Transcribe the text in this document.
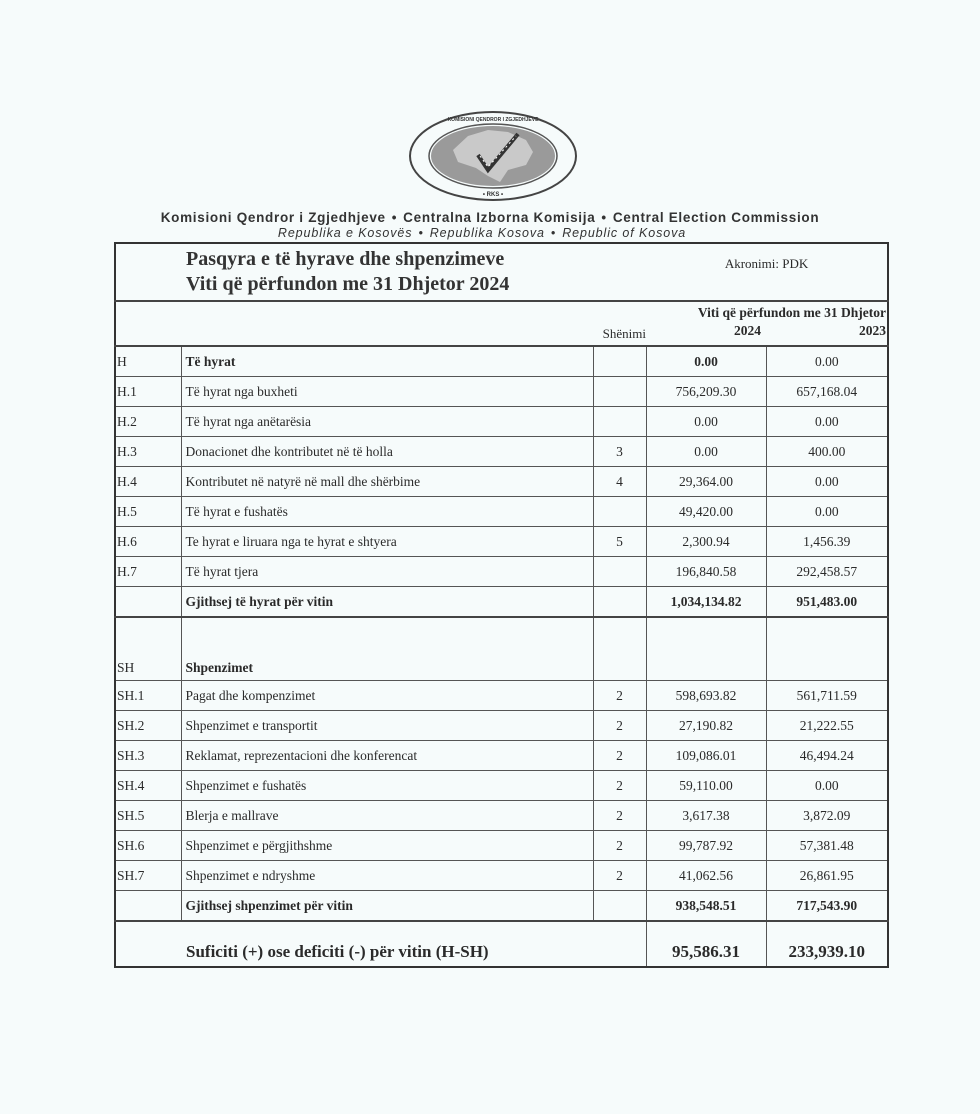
• RKS •
KOMISIONI QENDROR I ZGJEDHJEVE
Komisioni Qendror i Zgjedhjeve • Centralna Izborna Komisija • Central Election Commission
Republika e Kosovës • Republika Kosova • Republic of Kosova
Pasqyra e të hyrave dhe shpenzimeve
Viti që përfundon me 31 Dhjetor 2024			Akronimi: PDK	
Shënimi			Viti që përfundon me 31 Dhjetor
2024 2023	

H	Të hyrat		0.00	0.00
H.1	Të hyrat nga buxheti		756,209.30	657,168.04
H.2	Të hyrat nga anëtarësia		0.00	0.00
H.3	Donacionet dhe kontributet në të holla	3	0.00	400.00
H.4	Kontributet në natyrë në mall dhe shërbime	4	29,364.00	0.00
H.5	Të hyrat e fushatës		49,420.00	0.00
H.6	Te hyrat e liruara nga te hyrat e shtyera	5	2,300.94	1,456.39
H.7	Të hyrat tjera		196,840.58	292,458.57
	Gjithsej të hyrat për vitin		1,034,134.82	951,483.00
SH	Shpenzimet			
SH.1	Pagat dhe kompenzimet	2	598,693.82	561,711.59
SH.2	Shpenzimet e transportit	2	27,190.82	21,222.55
SH.3	Reklamat, reprezentacioni dhe konferencat	2	109,086.01	46,494.24
SH.4	Shpenzimet e fushatës	2	59,110.00	0.00
SH.5	Blerja e mallrave	2	3,617.38	3,872.09
SH.6	Shpenzimet e përgjithshme	2	99,787.92	57,381.48
SH.7	Shpenzimet e ndryshme	2	41,062.56	26,861.95
	Gjithsej shpenzimet për vitin		938,548.51	717,543.90
Suficiti (+) ose deficiti (-) për vitin (H-SH)			95,586.31	233,939.10
